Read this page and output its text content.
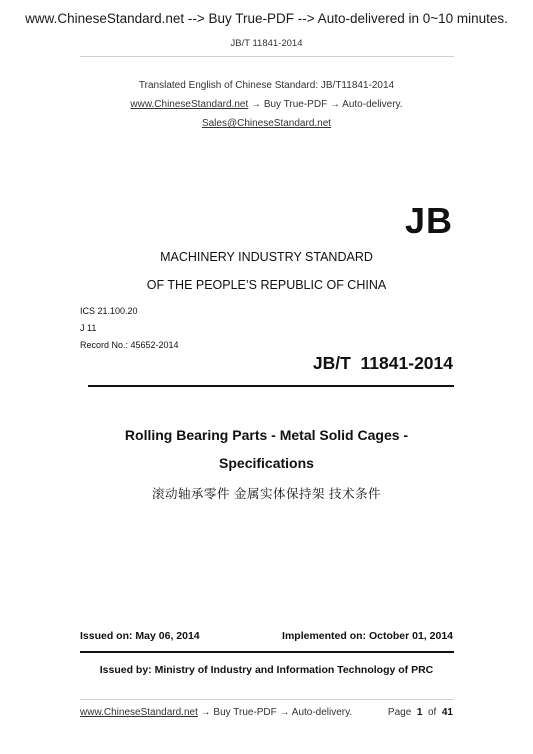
www.ChineseStandard.net --> Buy True-PDF --> Auto-delivered in 0~10 minutes.
JB/T 11841-2014
Translated English of Chinese Standard: JB/T11841-2014
www.ChineseStandard.net → Buy True-PDF → Auto-delivery.
Sales@ChineseStandard.net
JB
MACHINERY INDUSTRY STANDARD
OF THE PEOPLE’S REPUBLIC OF CHINA
ICS 21.100.20
J 11
Record No.: 45652-2014
JB/T  11841-2014
Rolling Bearing Parts - Metal Solid Cages -
Specifications
滚动轴承零件 金属实体保持架 技术条件
Issued on: May 06, 2014	Implemented on: October 01, 2014
Issued by: Ministry of Industry and Information Technology of PRC
www.ChineseStandard.net → Buy True-PDF → Auto-delivery.	Page 1 of 41
